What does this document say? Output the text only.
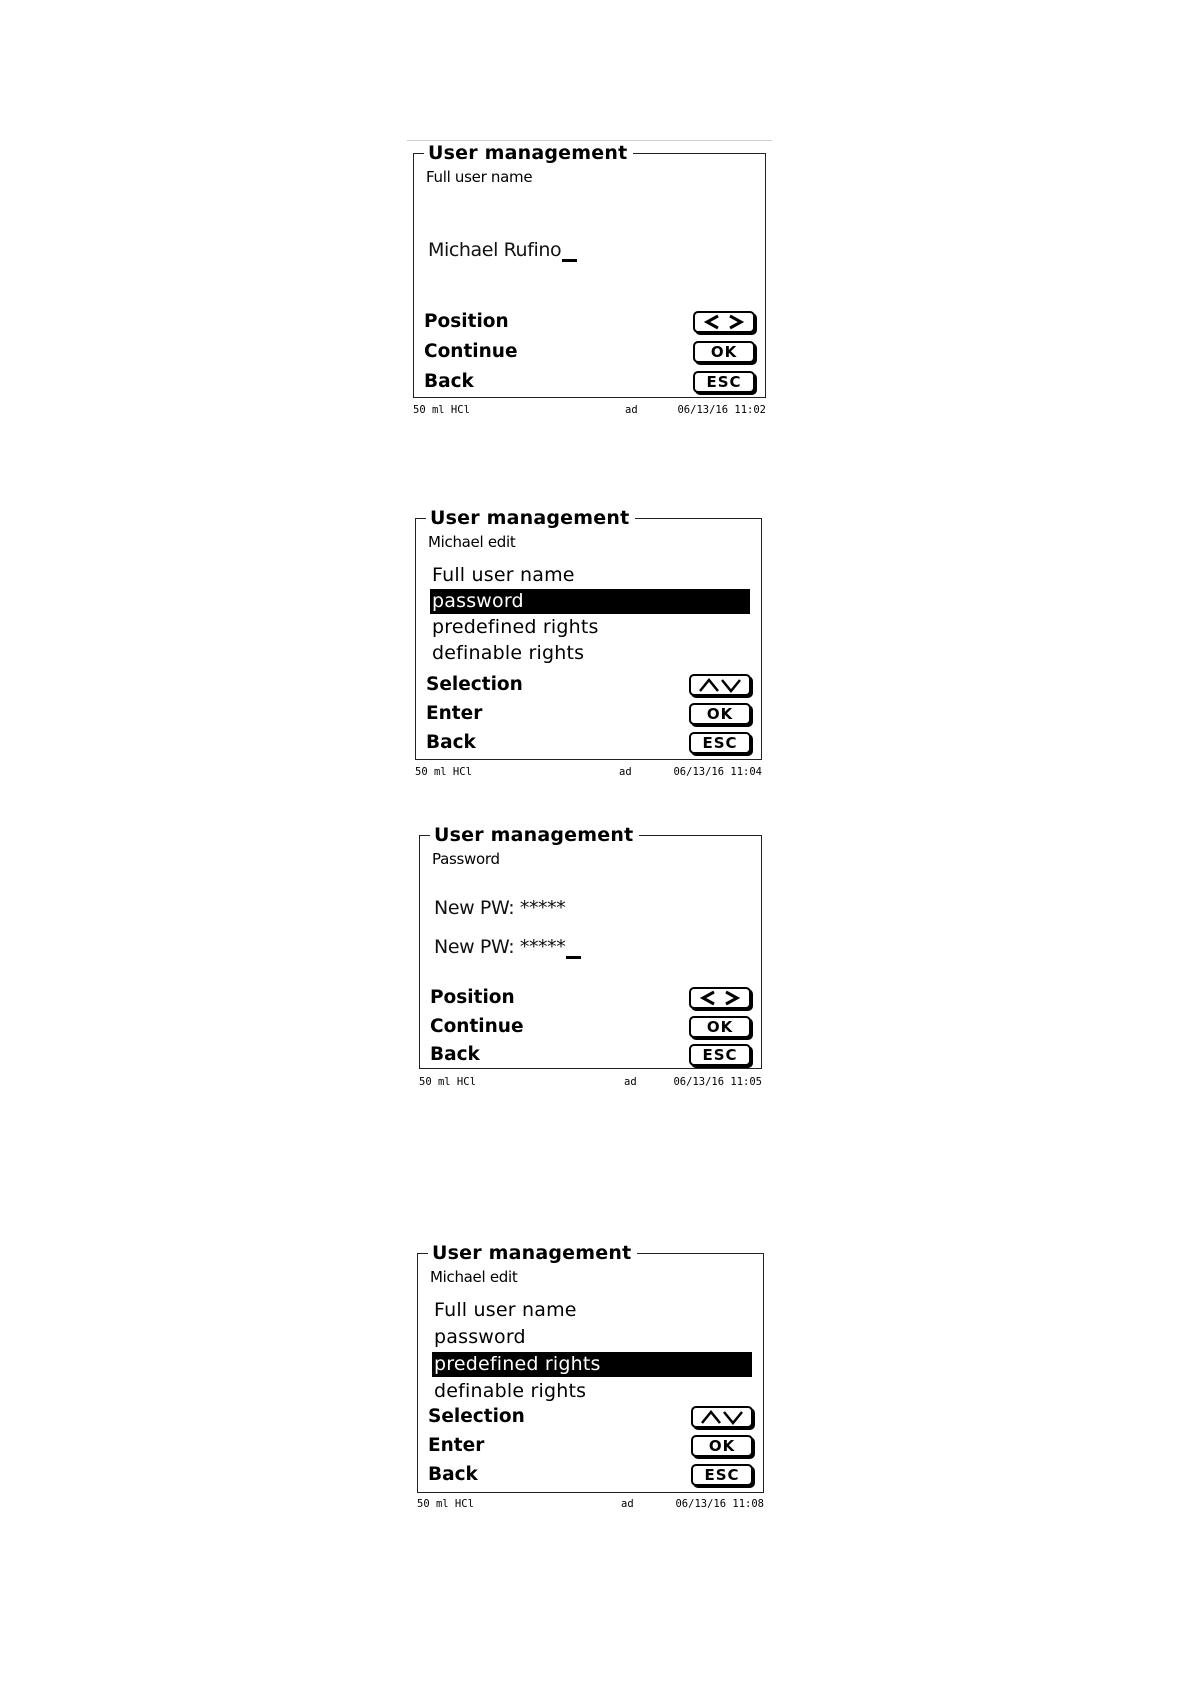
User management
Full user name
Michael Rufino
Position
Continue	OK
Back	ESC
50 ml HCl	ad	06/13/16 11:02
User management
Michael edit
Full user name
password
predefined rights
definable rights
Selection
Enter	OK
Back	ESC
50 ml HCl	ad	06/13/16 11:04
User management
Password
New PW: *****
New PW: *****
Position
Continue	OK
Back	ESC
50 ml HCl	ad	06/13/16 11:05
User management
Michael edit
Full user name
password
predefined rights
definable rights
Selection
Enter	OK
Back	ESC
50 ml HCl	ad	06/13/16 11:08
